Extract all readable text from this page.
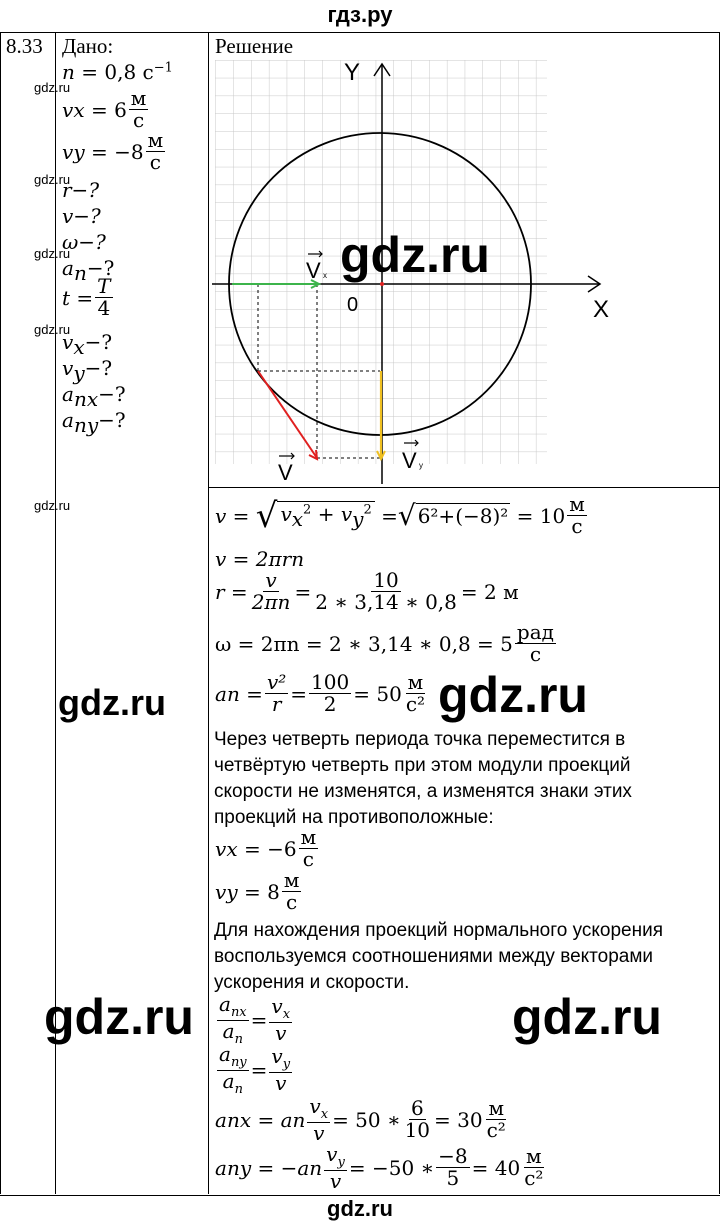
гдз.ру
gdz.ru
8.33 Дано:	Решение
n = 0,8 $с^{-1}$
v x
= $6 \frac{м}{с}$
v y
= $-8 \frac{м}{с}$
r−?
v−?
ω−?
$a_n-$?
$t = \frac{T}{4}$
$v_x-$?
$v_y-$?
$a_{nx}-$?
$a_{ny}-$?
Y
X
0
V x
V y
V
v =
√ $v_x^2 + v_y^2$
= √ 6²+(−8)²
= $10 \frac{м}{с}$
v = 2πrn
$r = \frac{v}{2\pi n} = \frac{10}{2 ∗ 3,14 ∗ 0,8} = 2$ м
ω = 2πn = 2 ∗ 3,14 ∗ $0,8 = 5 \frac{\text{рад}}{с}$
a $n = \frac{\text{v²}}{r} = \frac{100}{2} = 50 \frac{м}{\text{с²}}$
Через четверть периода точка переместится в четвёртую четверть при этом модули проекций скорости не изменятся, а изменятся знаки этих проекций на противоположные:
v x
= $-6 \frac{м}{с}$
v y
= $8 \frac{м}{с}$
Для нахождения проекций нормального ускорения воспользуемся соотношениями между векторами ускорения и скорости.
$\frac{a_{nx}}{a_n} = \frac{v_x}{v}$
$\frac{a_{ny}}{a_n} = \frac{v_y}{v}$
a nx
= a n $\frac{v_x}{v} = 50$ ∗ $\frac{6}{10} = 30 \frac{м}{\text{с²}}$
a ny
= −a n $\frac{v_y}{v} = -50$ ∗ $\frac{-8}{5} = 40 \frac{м}{\text{с²}}$
gdz.ru
gdz.ru
gdz.ru
gdz.ru
gdz.ru
gdz.ru
gdz.ru	gdz.ru
gdz.ru	gdz.ru
